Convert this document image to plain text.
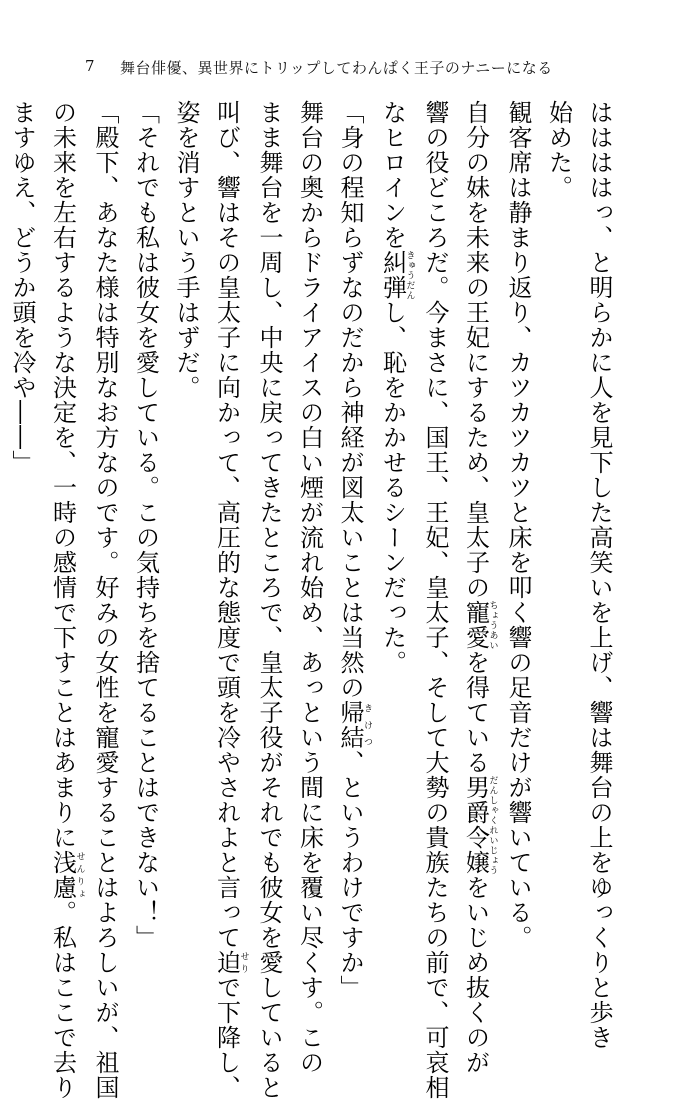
7 舞台俳優、異世界にトリップしてわんぱく王子のナニーになる
ははははっ、と明らかに人を見下した高笑いを上げ、響は舞台の上をゆっくりと歩き
始めた。
観客席は静まり返り、カツカツカツと床を叩く響の足音だけが響いている。
自分の妹を未来の王妃にするため、皇太子の寵愛ちょうあいを得ている男爵令嬢だんしゃくれいじょうをいじめ抜くのが
響の役どころだ。今まさに、国王、王妃、皇太子、そして大勢の貴族たちの前で、可哀相
なヒロインを糾弾きゅうだんし、恥をかかせるシーンだった。
「身の程知らずなのだから神経が図太いことは当然の帰結きけつ、というわけですか」
舞台の奥からドライアイスの白い煙が流れ始め、あっという間に床を覆い尽くす。この
まま舞台を一周し、中央に戻ってきたところで、皇太子役がそれでも彼女を愛していると
叫び、響はその皇太子に向かって、高圧的な態度で頭を冷やされよと言って迫せりで下降し、
姿を消すという手はずだ。
「それでも私は彼女を愛している。この気持ちを捨てることはできない！」
「殿下、あなた様は特別なお方なのです。好みの女性を寵愛することはよろしいが、祖国
の未来を左右するような決定を、一時の感情で下すことはあまりに浅慮せんりょ。私はここで去り
ますゆえ、どうか頭を冷や――」
